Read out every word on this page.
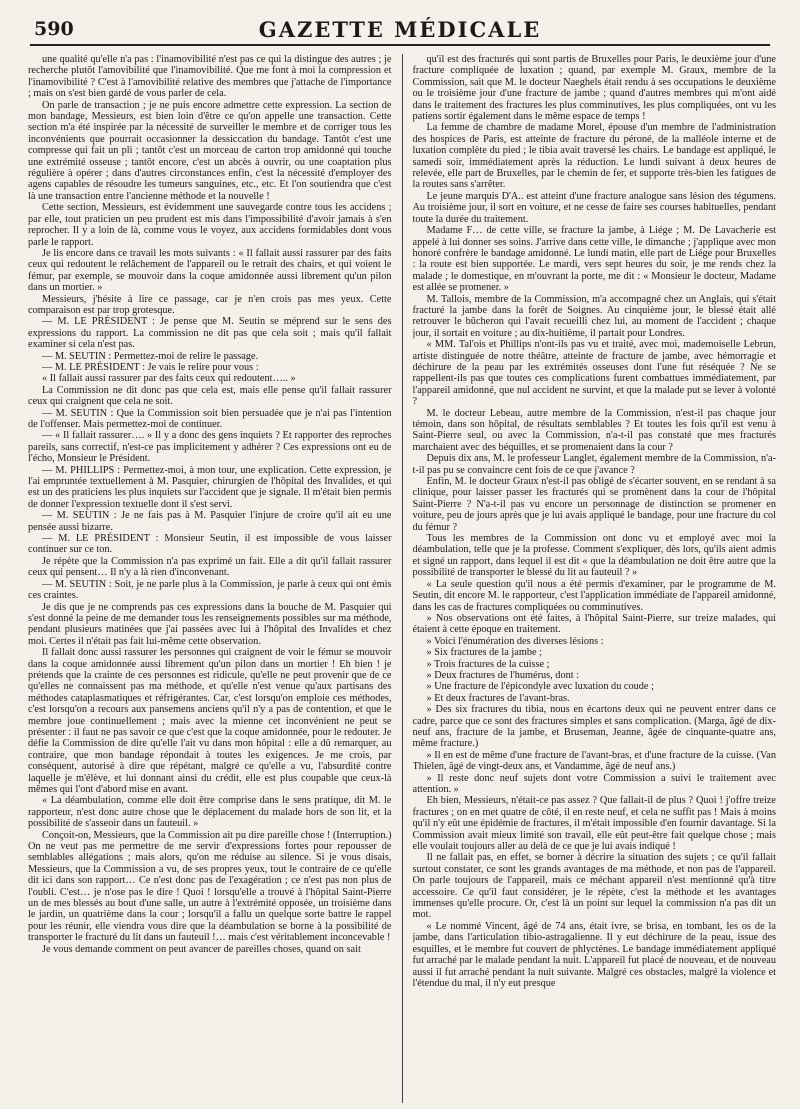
590	GAZETTE MÉDICALE

une qualité qu'elle n'a pas : l'inamovibilité n'est pas ce qui la distingue des autres ; je recherche plutôt l'amovibilité que l'inamovibilité. Que me font à moi la compression et l'inamovibilité ? C'est à l'amovibilité relative des membres que j'attache de l'importance ; mais on s'est bien gardé de vous parler de cela.

On parle de transaction ; je ne puis encore admettre cette expression. La section de mon bandage, Messieurs, est bien loin d'être ce qu'on appelle une transaction. Cette section m'a été inspirée par la nécessité de surveiller le membre et de corriger tous les inconvénients que pourrait occasionner la dessiccation du bandage. Tantôt c'est une compresse qui fait un pli ; tantôt c'est un morceau de carton trop amidonné qui touche une extrémité osseuse ; tantôt encore, c'est un abcès à ouvrir, ou une coaptation plus régulière à opérer ; dans d'autres circonstances enfin, c'est la nécessité d'employer des agens capables de résoudre les tumeurs sanguines, etc., etc. Et l'on soutiendra que c'est là une transaction entre l'ancienne méthode et la nouvelle !

Cette section, Messieurs, est évidemment une sauvegarde contre tous les accidens ; par elle, tout praticien un peu prudent est mis dans l'impossibilité d'avoir jamais à s'en reprocher. Il y a loin de là, comme vous le voyez, aux accidens formidables dont vous parle le rapport.

Je lis encore dans ce travail les mots suivants : « Il fallait aussi rassurer par des faits ceux qui redoutent le relâchement de l'appareil ou le retrait des chairs, et qui voient le fémur, par exemple, se mouvoir dans la coque amidonnée aussi librement qu'un pilon dans un mortier. »

Messieurs, j'hésite à lire ce passage, car je n'en crois pas mes yeux. Cette comparaison est par trop grotesque.

— M. LE PRÉSIDENT : Je pense que M. Seutin se méprend sur le sens des expressions du rapport. La commission ne dit pas que cela soit ; mais qu'il fallait examiner si cela n'est pas.

— M. SEUTIN : Permettez-moi de relire le passage.

— M. LE PRÉSIDENT : Je vais le relire pour vous :

« Il fallait aussi rassurer par des faits ceux qui redoutent….. »

La Commission ne dit donc pas que cela est, mais elle pense qu'il fallait rassurer ceux qui craignent que cela ne soit.

— M. SEUTIN : Que la Commission soit bien persuadée que je n'ai pas l'intention de l'offenser. Mais permettez-moi de continuer.

— « Il fallait rassurer…. » Il y a donc des gens inquiets ? Et rapporter des reproches pareils, sans correctif, n'est-ce pas implicitement y adhérer ? Ces expressions ont eu de l'écho, Monsieur le Président.

— M. PHILLIPS : Permettez-moi, à mon tour, une explication. Cette expression, je l'ai empruntée textuellement à M. Pasquier, chirurgien de l'hôpital des Invalides, et qui est un des praticiens les plus inquiets sur l'accident que je signale. Il m'était bien permis de donner l'expression textuelle dont il s'est servi.

— M. SEUTIN : Je ne fais pas à M. Pasquier l'injure de croire qu'il ait eu une pensée aussi bizarre.

— M. LE PRÉSIDENT : Monsieur Seutin, il est impossible de vous laisser continuer sur ce ton.

Je répète que la Commission n'a pas exprimé un fait. Elle a dit qu'il fallait rassurer ceux qui pensent… Il n'y a là rien d'inconvenant.

— M. SEUTIN : Soit, je ne parle plus à la Commission, je parle à ceux qui ont émis ces craintes.

Je dis que je ne comprends pas ces expressions dans la bouche de M. Pasquier qui s'est donné la peine de me demander tous les renseignements possibles sur ma méthode, pendant plusieurs matinées que j'ai passées avec lui à l'hôpital des Invalides et chez moi. Certes il n'était pas fait lui-même cette observation.

Il fallait donc aussi rassurer les personnes qui craignent de voir le fémur se mouvoir dans la coque amidonnée aussi librement qu'un pilon dans un mortier ! Eh bien ! je prétends que la crainte de ces personnes est ridicule, qu'elle ne peut provenir que de ce qu'elles ne connaissent pas ma méthode, et qu'elle n'est venue qu'aux partisans des méthodes cataplasmatiques et réfrigérantes. Car, c'est lorsqu'on emploie ces méthodes, c'est lorsqu'on a recours aux pansemens anciens qu'il n'y a pas de contention, et que le membre joue continuellement ; mais avec la mienne cet inconvénient ne peut se présenter : il faut ne pas savoir ce que c'est que la coque amidonnée, pour le redouter. Je défie la Commission de dire qu'elle l'ait vu dans mon hôpital : elle a dû remarquer, au contraire, que mon bandage répondait à toutes les exigences. Je me crois, par conséquent, autorisé à dire que répétant, malgré ce qu'elle a vu, l'absurdité contre laquelle je m'élève, et lui donnant ainsi du crédit, elle est plus coupable que ceux-là mêmes qui l'ont d'abord mise en avant.

« La déambulation, comme elle doit être comprise dans le sens pratique, dit M. le rapporteur, n'est donc autre chose que le déplacement du malade hors de son lit, et la possibilité de s'asseoir dans un fauteuil. »

Conçoit-on, Messieurs, que la Commission ait pu dire pareille chose ! (Interruption.) On ne veut pas me permettre de me servir d'expressions fortes pour repousser de semblables allégations ; mais alors, qu'on me réduise au silence. Si je vous disais, Messieurs, que la Commission a vu, de ses propres yeux, tout le contraire de ce qu'elle dit ici dans son rapport… Ce n'est donc pas de l'exagération ; ce n'est pas non plus de l'oubli. C'est… je n'ose pas le dire ! Quoi ! lorsqu'elle a trouvé à l'hôpital Saint-Pierre un de mes blessés au bout d'une salle, un autre à l'extrémité opposée, un troisième dans le jardin, un quatrième dans la cour ; lorsqu'il a fallu un quelque sorte battre le rappel pour les réunir, elle viendra vous dire que la déambulation se borne à la possibilité de transporter le fracturé du lit dans un fauteuil !… mais c'est véritablement inconcevable !

Je vous demande comment on peut avancer de pareilles choses, quand on sait

qu'il est des fracturés qui sont partis de Bruxelles pour Paris, le deuxième jour d'une fracture compliquée de luxation ; quand, par exemple M. Graux, membre de la Commission, sait que M. le docteur Naeghels était rendu à ses occupations le deuxième ou le troisième jour d'une fracture de jambe ; quand d'autres membres qui m'ont aidé dans le traitement des fractures les plus comminutives, les plus compliquées, ont vu les patiens sortir également dans le même espace de temps !

La femme de chambre de madame Morel, épouse d'un membre de l'administration des hospices de Paris, est atteinte de fracture du péroné, de la malléole interne et de luxation complète du pied ; le tibia avait traversé les chairs. Le bandage est appliqué, le samedi soir, immédiatement après la réduction. Le lundi suivant à deux heures de relevée, elle part de Bruxelles, par le chemin de fer, et supporte très-bien les fatigues de la routes sans s'arrêter.

Le jeune marquis D'A.. est atteint d'une fracture analogue sans lésion des tégumens. Au troisième jour, il sort en voiture, et ne cesse de faire ses courses habituelles, pendant toute la durée du traitement.

Madame F… de cette ville, se fracture la jambe, à Liége ; M. De Lavacherie est appelé à lui donner ses soins. J'arrive dans cette ville, le dimanche ; j'applique avec mon honoré confrère le bandage amidonné. Le lundi matin, elle part de Liége pour Bruxelles : la route est bien supportée. Le mardi, vers sept heures du soir, je me rends chez la malade ; le domestique, en m'ouvrant la porte, me dit : « Monsieur le docteur, Madame est allée se promener. »

M. Tallois, membre de la Commission, m'a accompagné chez un Anglais, qui s'était fracturé la jambe dans la forêt de Soignes. Au cinquième jour, le blessé était allé retrouver le bûcheron qui l'avait recueilli chez lui, au moment de l'accident ; chaque jour, il sortait en voiture ; au dix-huitième, il partait pour Londres.

« MM. Tal'ois et Phillips n'ont-ils pas vu et traité, avec moi, mademoiselle Lebrun, artiste distinguée de notre théâtre, atteinte de fracture de jambe, avec hémorragie et déchirure de la peau par les extrémités osseuses dont l'une fut réséquée ? Ne se rappellent-ils pas que toutes ces complications furent combattues immédiatement, par l'appareil amidonné, que nul accident ne survint, et que la malade put se lever à volonté ?

M. le docteur Lebeau, autre membre de la Commission, n'est-il pas chaque jour témoin, dans son hôpital, de résultats semblables ? Et toutes les fois qu'il est venu à Saint-Pierre seul, ou avec la Commission, n'a-t-il pas constaté que mes fracturés marchaient avec des béquilles, et se promenaient dans la cour ?

Depuis dix ans, M. le professeur Langlet, également membre de la Commission, n'a-t-il pas pu se convaincre cent fois de ce que j'avance ?

Enfin, M. le docteur Graux n'est-il pas obligé de s'écarter souvent, en se rendant à sa clinique, pour laisser passer les fracturés qui se promènent dans la cour de l'hôpital Saint-Pierre ? N'a-t-il pas vu encore un personnage de distinction se promener en voiture, peu de jours après que je lui avais appliqué le bandage, pour une fracture du col du fémur ?

Tous les membres de la Commission ont donc vu et employé avec moi la déambulation, telle que je la professe. Comment s'expliquer, dès lors, qu'ils aient admis et signé un rapport, dans lequel il est dit « que la déambulation ne doit être autre que la possibilité de transporter le blessé du lit au fauteuil ? »

« La seule question qu'il nous a été permis d'examiner, par le programme de M. Seutin, dit encore M. le rapporteur, c'est l'application immédiate de l'appareil amidonné, dans les cas de fractures compliquées ou comminutives.

» Nos observations ont été faites, à l'hôpital Saint-Pierre, sur treize malades, qui étaient à cette époque en traitement.

» Voici l'énumération des diverses lésions :

» Six fractures de la jambe ;

» Trois fractures de la cuisse ;

» Deux fractures de l'humérus, dont :

» Une fracture de l'épicondyle avec luxation du coude ;

» Et deux fractures de l'avant-bras.

» Des six fractures du tibia, nous en écartons deux qui ne peuvent entrer dans ce cadre, parce que ce sont des fractures simples et sans complication. (Marga, âgé de dix-neuf ans, fracture de la jambe, et Bruseman, Jeanne, âgée de cinquante-quatre ans, même fracture.)

» Il en est de même d'une fracture de l'avant-bras, et d'une fracture de la cuisse. (Van Thielen, âgé de vingt-deux ans, et Vandamme, âgé de neuf ans.)

» Il reste donc neuf sujets dont votre Commission a suivi le traitement avec attention. »

Eh bien, Messieurs, n'était-ce pas assez ? Que fallait-il de plus ? Quoi ! j'offre treize fractures ; on en met quatre de côté, il en reste neuf, et cela ne suffit pas ! Mais à moins qu'il n'y eût une épidémie de fractures, il m'était impossible d'en fournir davantage. Si la Commission avait mieux limité son travail, elle eût peut-être fait quelque chose ; mais elle voulait toujours aller au delà de ce que je lui avais indiqué !

Il ne fallait pas, en effet, se borner à décrire la situation des sujets ; ce qu'il fallait surtout constater, ce sont les grands avantages de ma méthode, et non pas de l'appareil. On parle toujours de l'appareil, mais ce méchant appareil n'est mentionné qu'à titre accessoire. Ce qu'il faut considérer, je le répète, c'est la méthode et les avantages immenses qu'elle procure. Or, c'est là un point sur lequel la commission n'a pas dit un mot.

« Le nommé Vincent, âgé de 74 ans, était ivre, se brisa, en tombant, les os de la jambe, dans l'articulation tibio-astragalienne. Il y eut déchirure de la peau, issue des esquilles, et le membre fut couvert de phlyctènes. Le bandage immédiatement appliqué fut arraché par le malade pendant la nuit. L'appareil fut placé de nouveau, et de nouveau aussi il fut arraché pendant la nuit suivante. Malgré ces obstacles, malgré la violence et l'étendue du mal, il n'y eut presque
